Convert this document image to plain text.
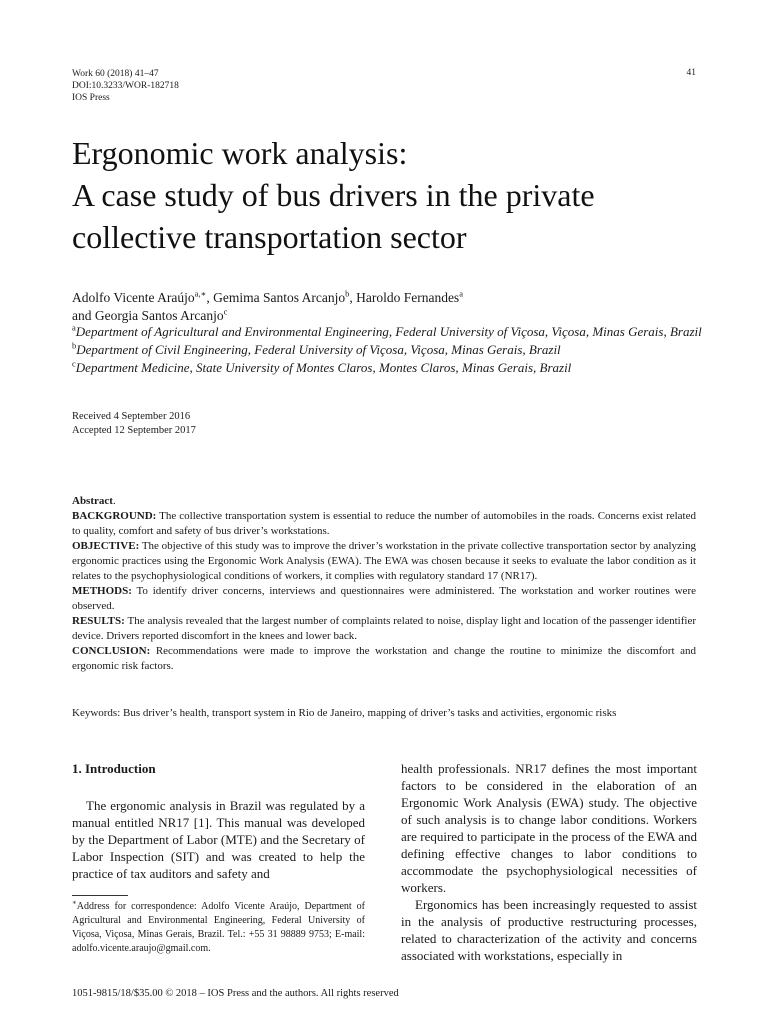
Work 60 (2018) 41–47
DOI:10.3233/WOR-182718
IOS Press
41
Ergonomic work analysis:
A case study of bus drivers in the private
collective transportation sector
Adolfo Vicente Araújo$^{a,∗}$, Gemima Santos Arcanjo$^b$, Haroldo Fernandes$^a$
and Georgia Santos Arcanjo$^c$
$^a$Department of Agricultural and Environmental Engineering, Federal University of Viçosa, Viçosa, Minas Gerais, Brazil
$^b$Department of Civil Engineering, Federal University of Viçosa, Viçosa, Minas Gerais, Brazil
$^c$Department Medicine, State University of Montes Claros, Montes Claros, Minas Gerais, Brazil
Received 4 September 2016
Accepted 12 September 2017

Abstract.

BACKGROUND: The collective transportation system is essential to reduce the number of automobiles in the roads. Concerns exist related to quality, comfort and safety of bus driver’s workstations.

OBJECTIVE: The objective of this study was to improve the driver’s workstation in the private collective transportation sector by analyzing ergonomic practices using the Ergonomic Work Analysis (EWA). The EWA was chosen because it seeks to evaluate the labor condition as it relates to the psychophysiological conditions of workers, it complies with regulatory standard 17 (NR17).

METHODS: To identify driver concerns, interviews and questionnaires were administered. The workstation and worker routines were observed.

RESULTS: The analysis revealed that the largest number of complaints related to noise, display light and location of the passenger identifier device. Drivers reported discomfort in the knees and lower back.

CONCLUSION: Recommendations were made to improve the workstation and change the routine to minimize the discomfort and ergonomic risk factors.

Keywords: Bus driver’s health, transport system in Rio de Janeiro, mapping of driver’s tasks and activities, ergonomic risks
1. Introduction

The ergonomic analysis in Brazil was regulated by a manual entitled NR17 [1]. This manual was developed by the Department of Labor (MTE) and the Secretary of Labor Inspection (SIT) and was created to help the practice of tax auditors and safety and

∗Address for correspondence: Adolfo Vicente Araújo, Department of Agricultural and Environmental Engineering, Federal University of Viçosa, Viçosa, Minas Gerais, Brazil. Tel.: +55 31 98889 9753; E-mail: adolfo.vicente.araujo@gmail.com.

health professionals. NR17 defines the most important factors to be considered in the elaboration of an Ergonomic Work Analysis (EWA) study. The objective of such analysis is to change labor conditions. Workers are required to participate in the process of the EWA and defining effective changes to labor conditions to accommodate the psychophysiological necessities of workers.

Ergonomics has been increasingly requested to assist in the analysis of productive restructuring processes, related to characterization of the activity and concerns associated with workstations, especially in

1051-9815/18/$35.00 © 2018 – IOS Press and the authors. All rights reserved
